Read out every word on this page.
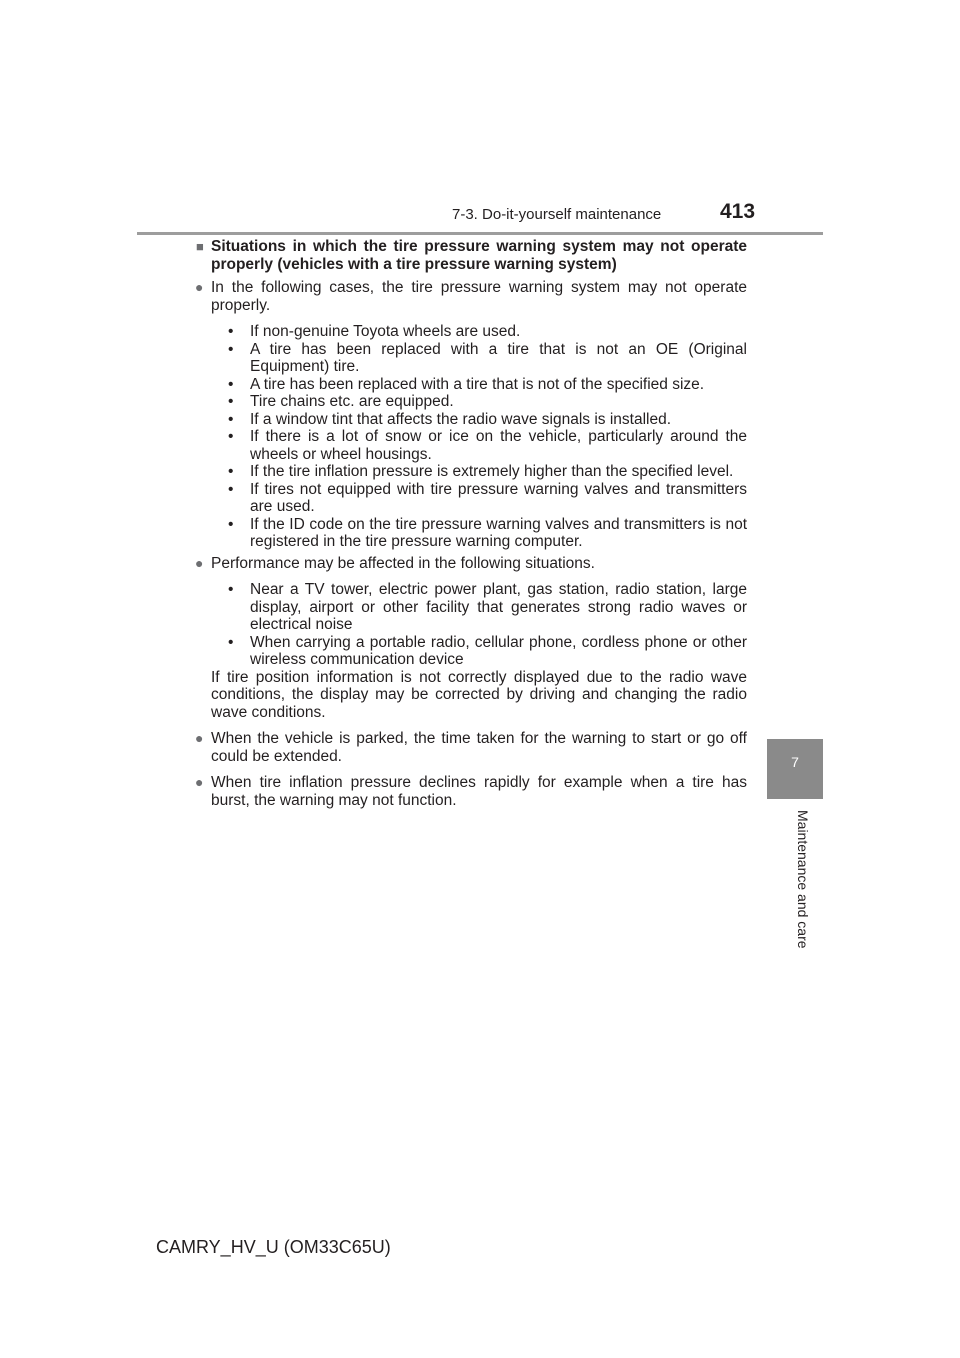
7-3. Do-it-yourself maintenance	413
7
Maintenance and care

■ Situations in which the tire pressure warning system may not operate properly (vehicles with a tire pressure warning system)

● In the following cases, the tire pressure warning system may not operate properly.

• If non-genuine Toyota wheels are used.
• A tire has been replaced with a tire that is not an OE (Original Equipment) tire.
• A tire has been replaced with a tire that is not of the specified size.
• Tire chains etc. are equipped.
• If a window tint that affects the radio wave signals is installed.
• If there is a lot of snow or ice on the vehicle, particularly around the wheels or wheel housings.
• If the tire inflation pressure is extremely higher than the specified level.
• If tires not equipped with tire pressure warning valves and transmitters are used.
• If the ID code on the tire pressure warning valves and transmitters is not registered in the tire pressure warning computer.
● Performance may be affected in the following situations.

• Near a TV tower, electric power plant, gas station, radio station, large display, airport or other facility that generates strong radio waves or electrical noise
• When carrying a portable radio, cellular phone, cordless phone or other wireless communication device

If tire position information is not correctly displayed due to the radio wave conditions, the display may be corrected by driving and changing the radio wave conditions.

● When the vehicle is parked, the time taken for the warning to start or go off could be extended.

● When tire inflation pressure declines rapidly for example when a tire has burst, the warning may not function.

CAMRY_HV_U (OM33C65U)
